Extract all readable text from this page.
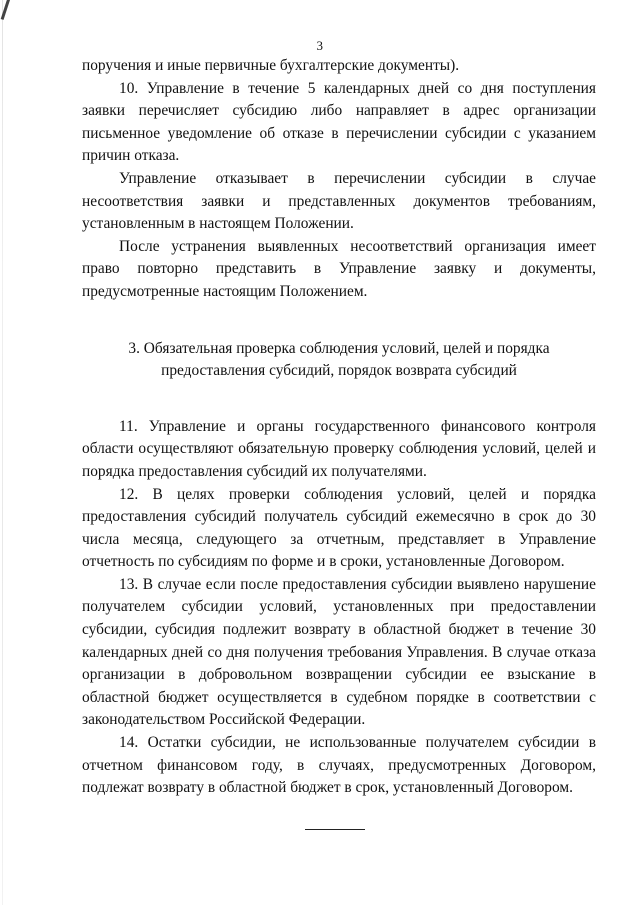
3

поручения и иные первичные бухгалтерские документы).

10. Управление в течение 5 календарных дней со дня поступления заявки перечисляет субсидию либо направляет в адрес организации письменное уведомление об отказе в перечислении субсидии с указанием причин отказа.

Управление отказывает в перечислении субсидии в случае несоответствия заявки и представленных документов требованиям, установленным в настоящем Положении.

После устранения выявленных несоответствий организация имеет право повторно представить в Управление заявку и документы, предусмотренные настоящим Положением.

3. Обязательная проверка соблюдения условий, целей и порядка
предоставления субсидий, порядок возврата субсидий

11. Управление и органы государственного финансового контроля области осуществляют обязательную проверку соблюдения условий, целей и порядка предоставления субсидий их получателями.

12. В целях проверки соблюдения условий, целей и порядка предоставления субсидий получатель субсидий ежемесячно в срок до 30 числа месяца, следующего за отчетным, представляет в Управление отчетность по субсидиям по форме и в сроки, установленные Договором.

13. В случае если после предоставления субсидии выявлено нарушение получателем субсидии условий, установленных при предоставлении субсидии, субсидия подлежит возврату в областной бюджет в течение 30 календарных дней со дня получения требования Управления. В случае отказа организации в добровольном возвращении субсидии ее взыскание в областной бюджет осуществляется в судебном порядке в соответствии с законодательством Российской Федерации.

14. Остатки субсидии, не использованные получателем субсидии в отчетном финансовом году, в случаях, предусмотренных Договором, подлежат возврату в областной бюджет в срок, установленный Договором.
